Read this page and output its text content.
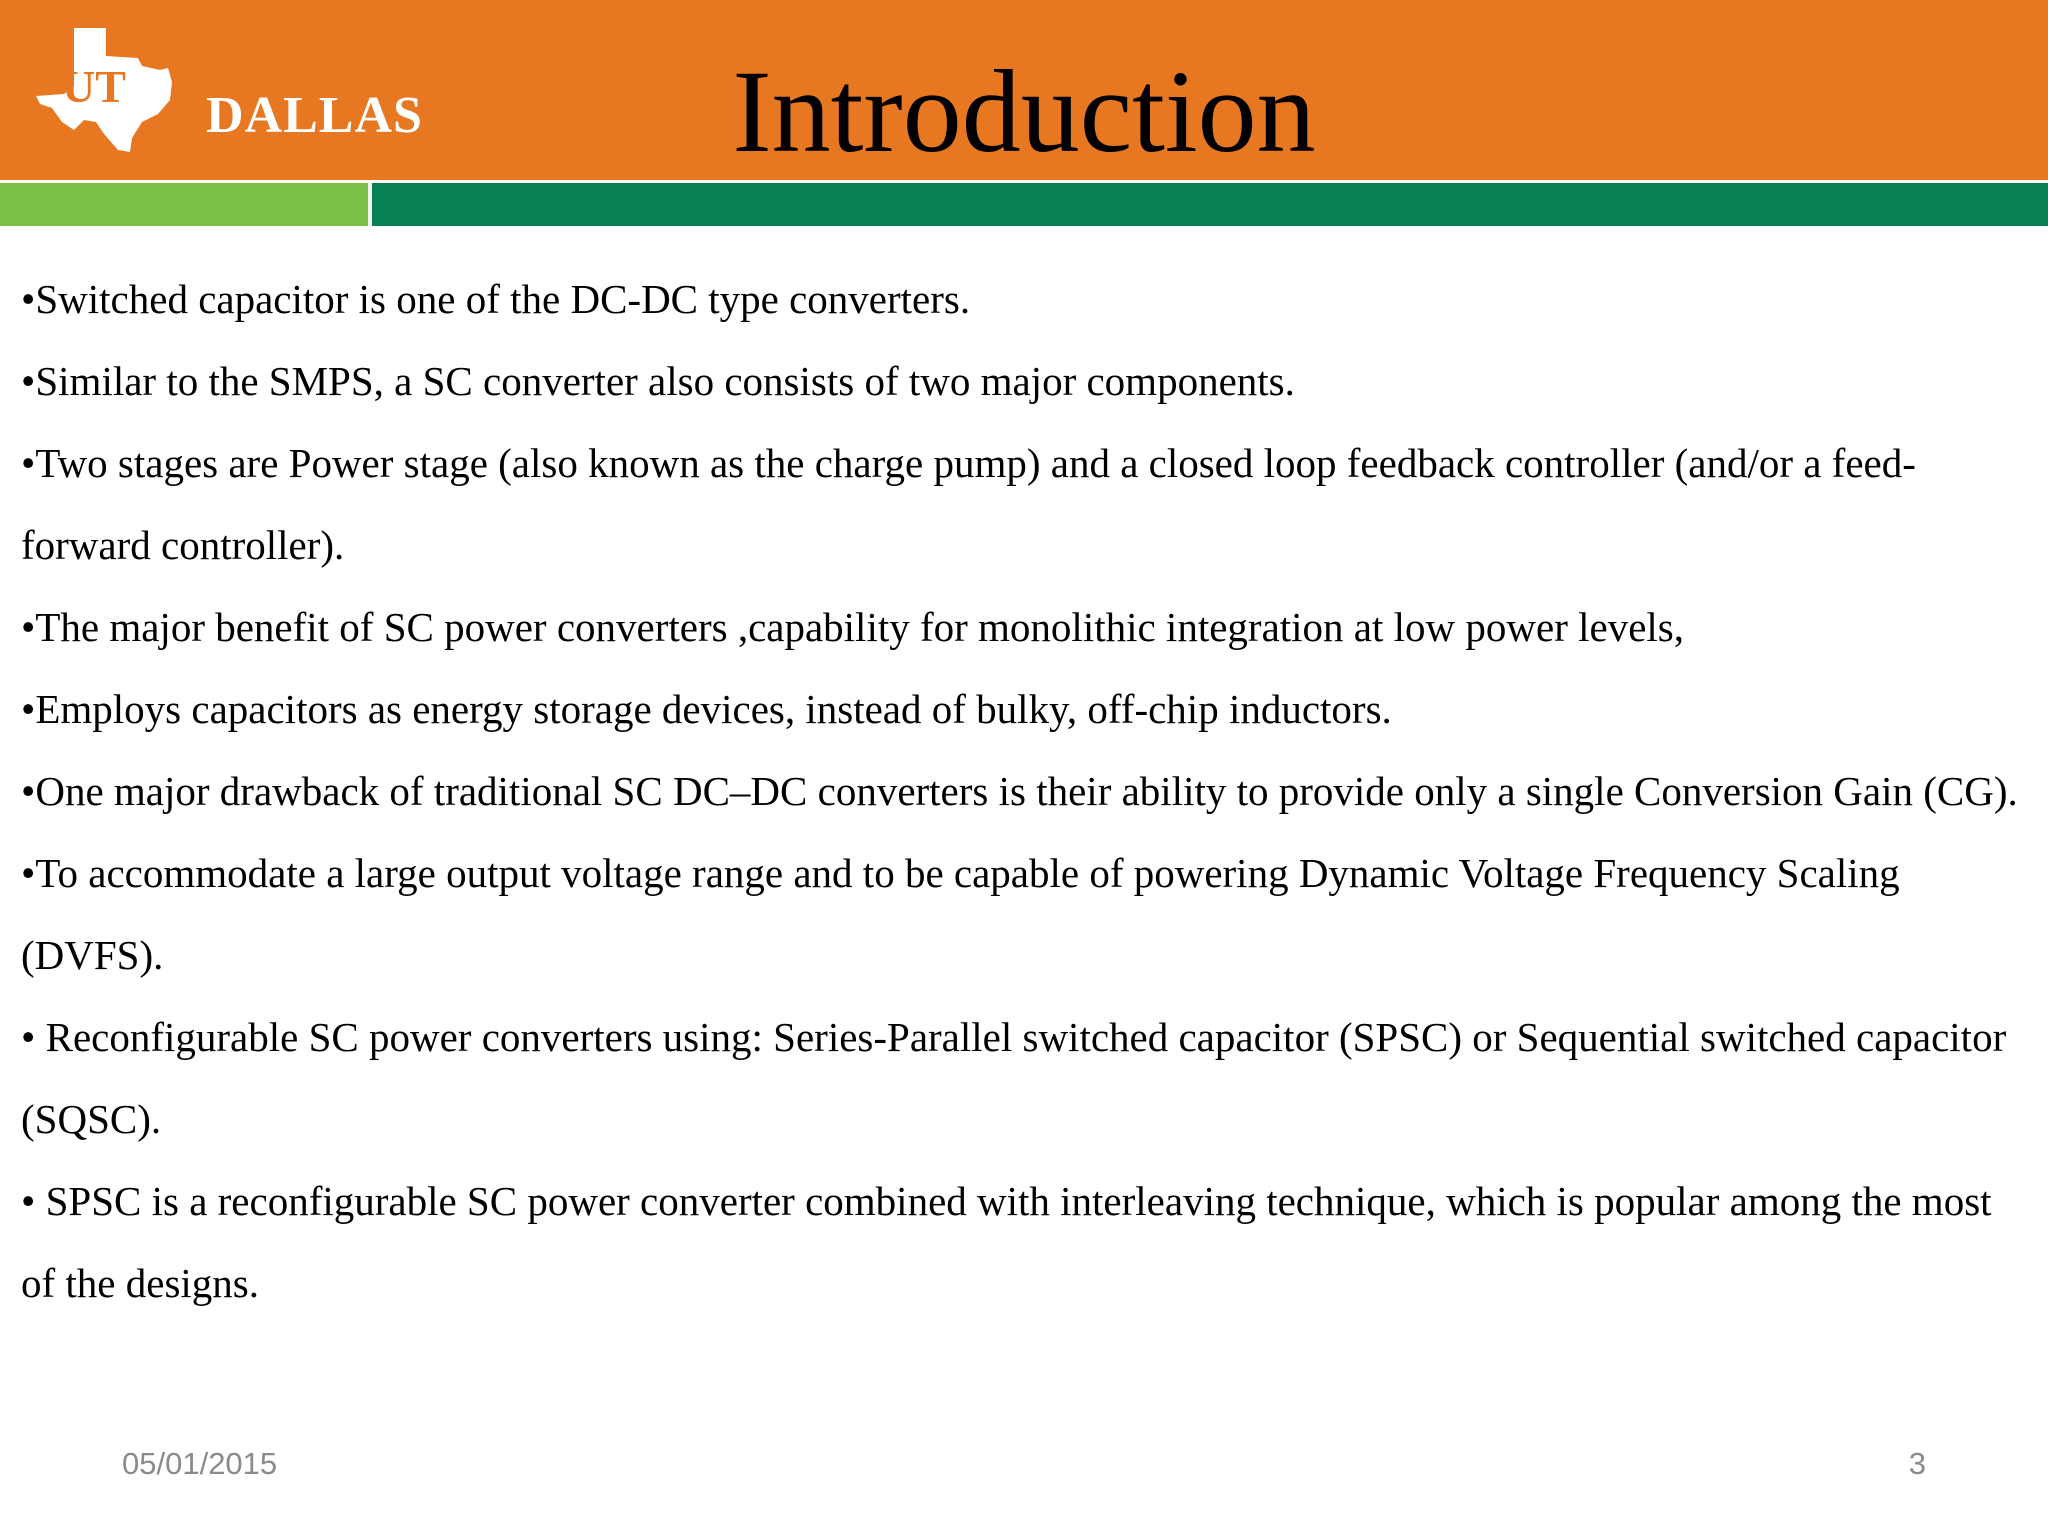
UT
DALLAS	Introduction

•Switched capacitor is one of the DC-DC type converters.

•Similar to the SMPS, a SC converter also consists of two major components.

•Two stages are Power stage (also known as the charge pump) and a closed loop feedback controller (and/or a feed-forward controller).

•The major benefit of SC power converters ,capability for monolithic integration at low power levels,

•Employs capacitors as energy storage devices, instead of bulky, off-chip inductors.

•One major drawback of traditional SC DC–DC converters is their ability to provide only a single Conversion Gain (CG).

•To accommodate a large output voltage range and to be capable of powering Dynamic Voltage Frequency Scaling (DVFS).

• Reconfigurable SC power converters using: Series-Parallel switched capacitor (SPSC) or Sequential switched capacitor (SQSC).

• SPSC is a reconfigurable SC power converter combined with interleaving technique, which is popular among the most of the designs.

05/01/2015	3
